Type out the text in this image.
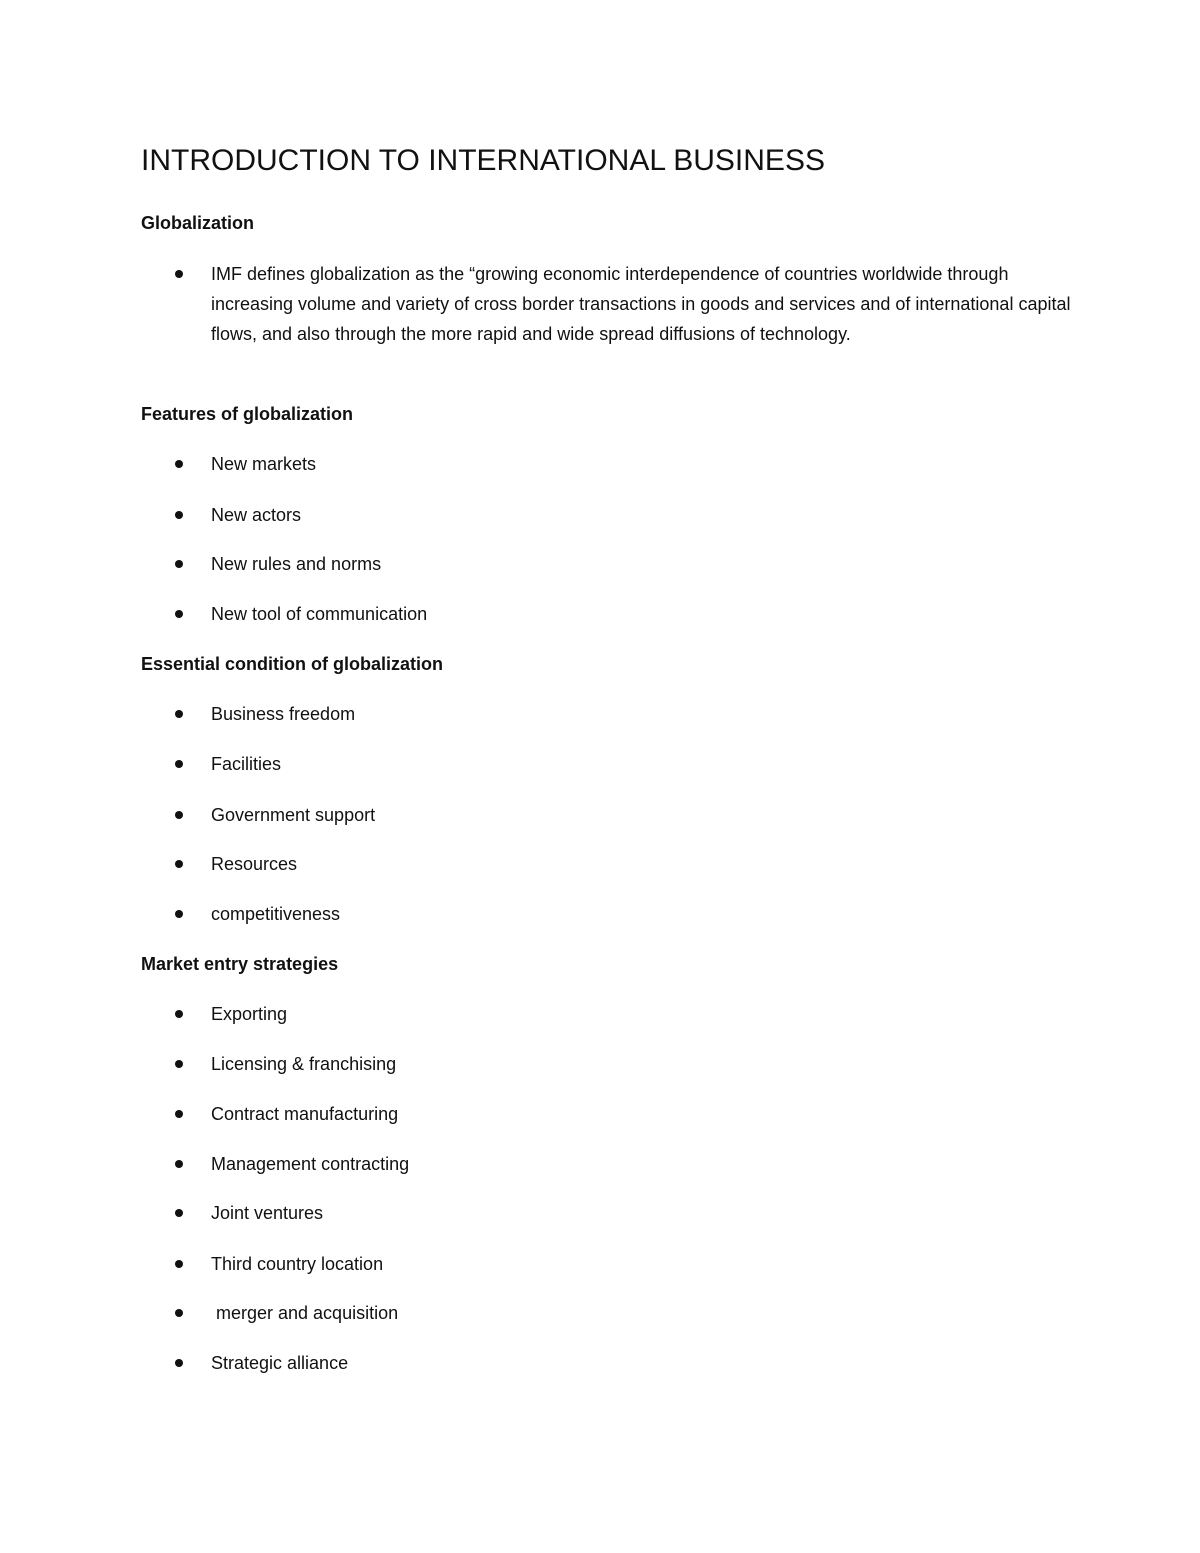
INTRODUCTION TO INTERNATIONAL BUSINESS
Globalization

IMF defines globalization as the “growing economic interdependence of countries worldwide through increasing volume and variety of cross border transactions in goods and services and of international capital flows, and also through the more rapid and wide spread diffusions of technology.

Features of globalization

New markets

New actors

New rules and norms

New tool of communication

Essential condition of globalization

Business freedom

Facilities

Government support

Resources

competitiveness

Market entry strategies

Exporting

Licensing & franchising

Contract manufacturing

Management contracting

Joint ventures

Third country location

merger and acquisition

Strategic alliance
